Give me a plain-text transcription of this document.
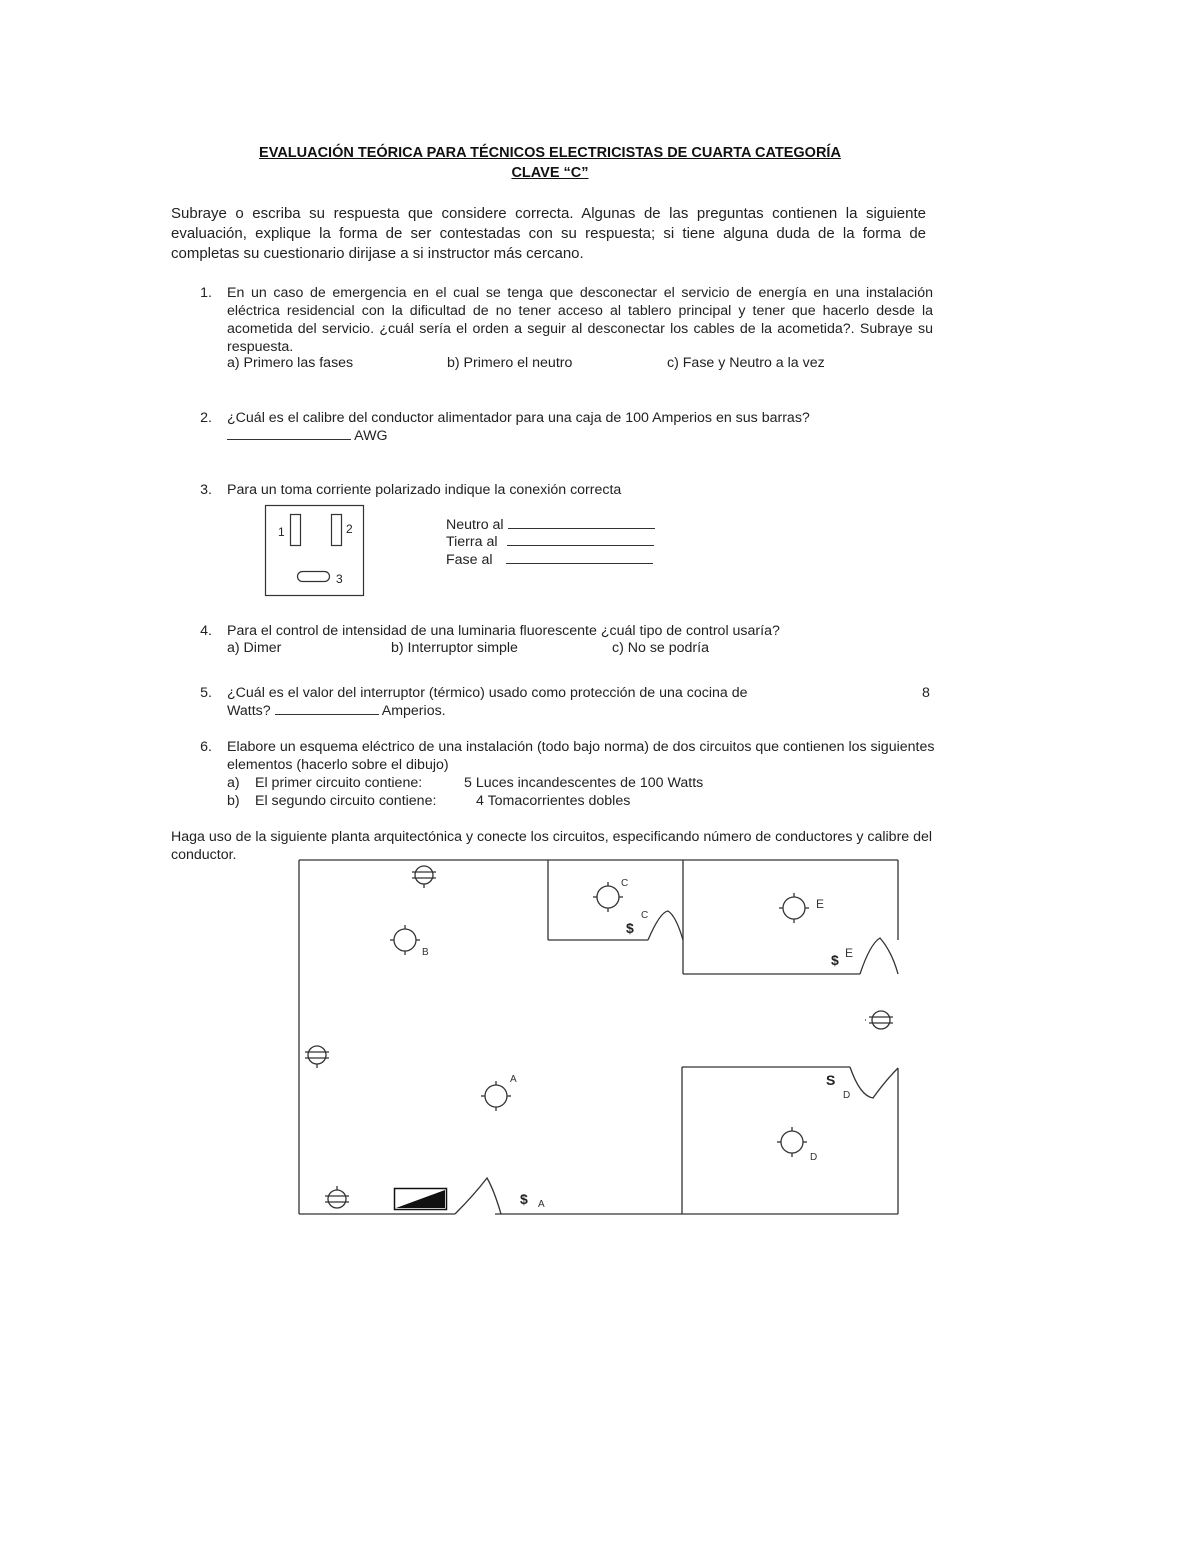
EVALUACIÓN TEÓRICA PARA TÉCNICOS ELECTRICISTAS DE CUARTA CATEGORÍA
CLAVE “C”
Subraye o escriba su respuesta que considere correcta. Algunas de las preguntas contienen la siguiente evaluación, explique la forma de ser contestadas con su respuesta; si tiene alguna duda de la forma de completas su cuestionario dirijase a si instructor más cercano.
1. En un caso de emergencia en el cual se tenga que desconectar el servicio de energía en una instalación eléctrica residencial con la dificultad de no tener acceso al tablero principal y tener que hacerlo desde la acometida del servicio. ¿cuál sería el orden a seguir al desconectar los cables de la acometida?. Subraye su respuesta.
a) Primero las fases	b) Primero el neutro	c) Fase y Neutro a la vez
2. ¿Cuál es el calibre del conductor alimentador para una caja de 100 Amperios en sus barras?
AWG
3. Para un toma corriente polarizado indique la conexión correcta
1	2
3
Neutro al
Tierra al
Fase al
4. Para el control de intensidad de una luminaria fluorescente ¿cuál tipo de control usaría?
a) Dimer	b) Interruptor simple	c) No se podría
5. ¿Cuál es el valor del interruptor (térmico) usado como protección de una cocina de	8
Watts?	Amperios.
6. Elabore un esquema eléctrico de una instalación (todo bajo norma) de dos circuitos que contienen los siguientes elementos (hacerlo sobre el dibujo)
a) El primer circuito contiene:	5 Luces incandescentes de 100 Watts
b) El segundo circuito contiene:	4 Tomacorrientes dobles
Haga uso de la siguiente planta arquitectónica y conecte los circuitos, especificando número de conductores y calibre del conductor.
A
B
C
E
D
$
$
$
S
A
C
E
D
